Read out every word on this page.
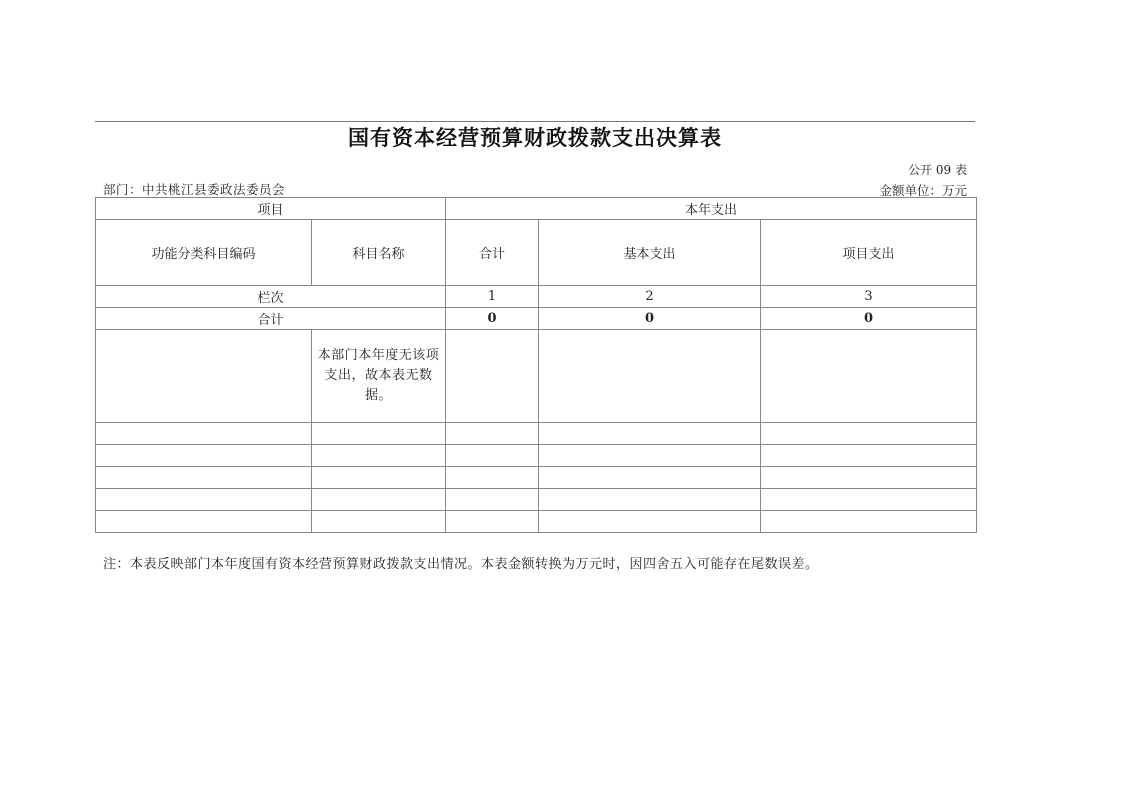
国有资本经营预算财政拨款支出决算表
公开 09 表
部门：中共桃江县委政法委员会	金额单位：万元
项目		本年支出		
功能分类科目编码	科目名称	合计	基本支出	项目支出
栏次		1	2	3
合计		0	0	0
	本部门本年度无该项支出，故本表无数据。			

注：本表反映部门本年度国有资本经营预算财政拨款支出情况。本表金额转换为万元时，因四舍五入可能存在尾数误差。
